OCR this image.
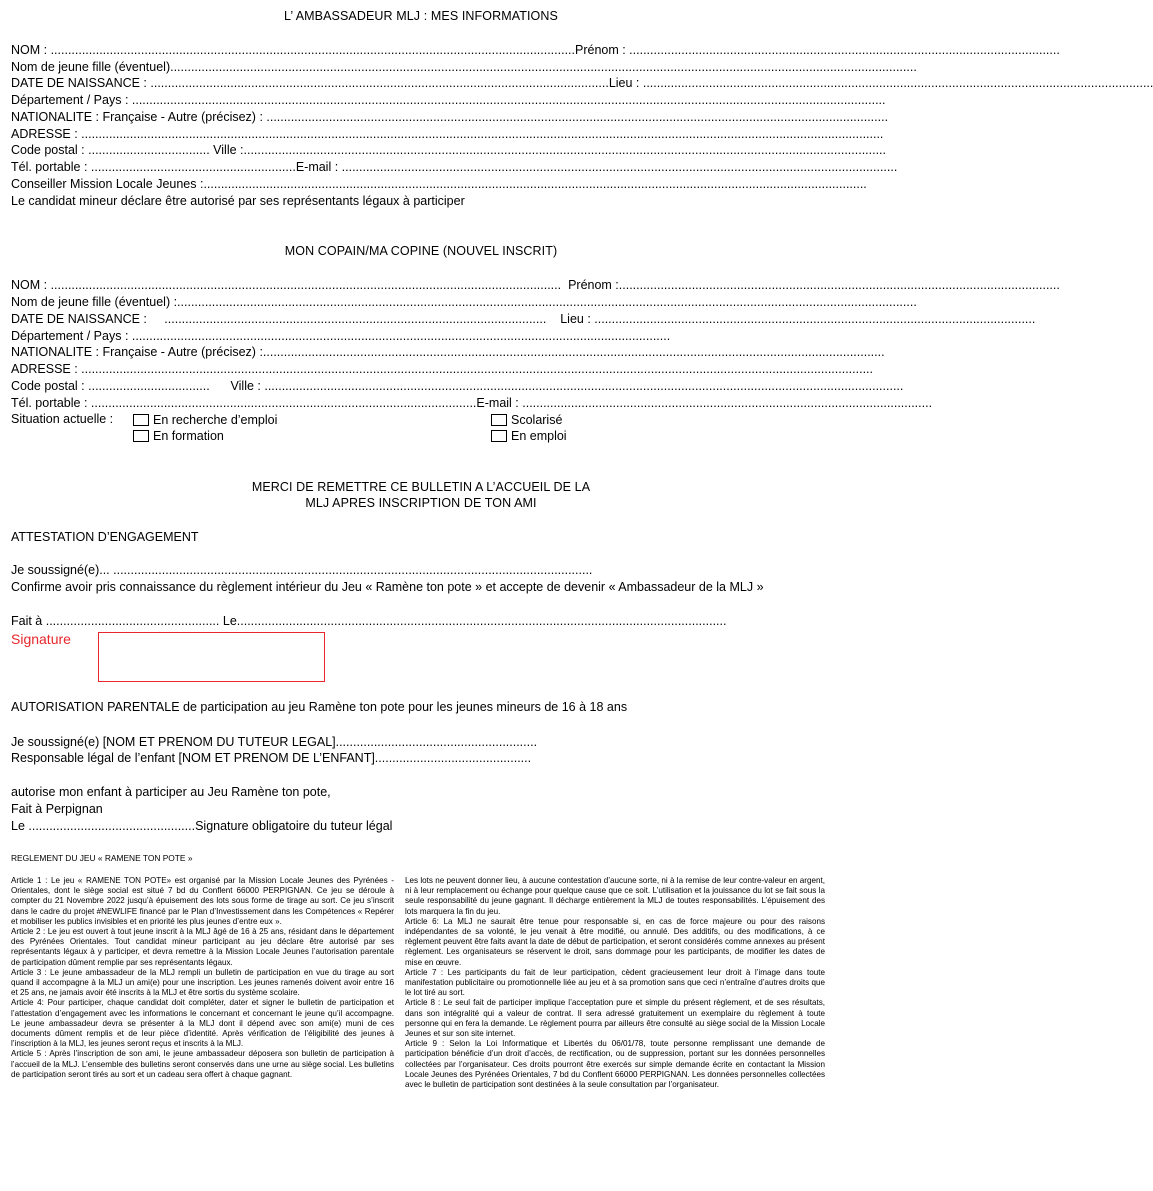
L’ AMBASSADEUR MLJ : MES INFORMATIONS
NOM : .......................................................................................................................................................Prénom : ............................................................................................................................
Nom de jeune fille (éventuel).......................................................................................................................................................................................................................
DATE DE NAISSANCE : ....................................................................................................................................Lieu : ...................................................................................................................................................
Département / Pays : .........................................................................................................................................................................................................................
NATIONALITE : Française - Autre (précisez) : ...................................................................................................................................................................................
ADRESSE : .......................................................................................................................................................................................................................................
Code postal : ................................... Ville :.........................................................................................................................................................................................
Tél. portable : ...........................................................E-mail : ................................................................................................................................................................
Conseiller Mission Locale Jeunes :...............................................................................................................................................................................................
Le candidat mineur déclare être autorisé par ses représentants légaux à participer
MON COPAIN/MA COPINE (NOUVEL INSCRIT)
NOM : ................................................................................................................................................... Prénom :...............................................................................................................................
Nom de jeune fille (éventuel) :.....................................................................................................................................................................................................................
DATE DE NAISSANCE : .............................................................................................................. Lieu : ...............................................................................................................................
Département / Pays : ...........................................................................................................................................................
NATIONALITE : Française - Autre (précisez) :...................................................................................................................................................................................
ADRESSE : ....................................................................................................................................................................................................................................
Code postal : ................................... Ville : ........................................................................................................................................................................................
Tél. portable : ...............................................................................................................E-mail : ......................................................................................................................
Situation actuelle :	En recherche d’emploi
En formation
Scolarisé
En emploi
MERCI DE REMETTRE CE BULLETIN A L’ACCUEIL DE LA
MLJ APRES INSCRIPTION DE TON AMI
ATTESTATION D’ENGAGEMENT
Je soussigné(e)... ..........................................................................................................................................
Confirme avoir pris connaissance du règlement intérieur du Jeu « Ramène ton pote » et accepte de devenir « Ambassadeur de la MLJ »
Fait à .................................................. Le.............................................................................................................................................
Signature
AUTORISATION PARENTALE de participation au jeu Ramène ton pote pour les jeunes mineurs de 16 à 18 ans
Je soussigné(e) [NOM ET PRENOM DU TUTEUR LEGAL]..........................................................
Responsable légal de l’enfant [NOM ET PRENOM DE L’ENFANT].............................................
autorise mon enfant à participer au Jeu Ramène ton pote,
Fait à Perpignan
Le ................................................Signature obligatoire du tuteur légal
REGLEMENT DU JEU « RAMENE TON POTE »

Article 1 : Le jeu « RAMENE TON POTE» est organisé par la Mission Locale Jeunes des Pyrénées -Orientales, dont le siège social est situé 7 bd du Conflent 66000 PERPIGNAN. Ce jeu se déroule à compter du 21 Novembre 2022 jusqu’à épuisement des lots sous forme de tirage au sort. Ce jeu s’inscrit dans le cadre du projet #NEWLIFE financé par le Plan d’Investissement dans les Compétences « Repérer et mobiliser les publics invisibles et en priorité les plus jeunes d’entre eux ».

Article 2 : Le jeu est ouvert à tout jeune inscrit à la MLJ âgé de 16 à 25 ans, résidant dans le département des Pyrénées Orientales. Tout candidat mineur participant au jeu déclare être autorisé par ses représentants légaux à y participer, et devra remettre à la Mission Locale Jeunes l’autorisation parentale de participation dûment remplie par ses représentants légaux.

Article 3 : Le jeune ambassadeur de la MLJ rempli un bulletin de participation en vue du tirage au sort quand il accompagne à la MLJ un ami(e) pour une inscription. Les jeunes ramenés doivent avoir entre 16 et 25 ans, ne jamais avoir été inscrits à la MLJ et être sortis du système scolaire.

Article 4: Pour participer, chaque candidat doit compléter, dater et signer le bulletin de participation et l’attestation d’engagement avec les informations le concernant et concernant le jeune qu’il accompagne. Le jeune ambassadeur devra se présenter à la MLJ dont il dépend avec son ami(e) muni de ces documents dûment remplis et de leur pièce d’identité. Après vérification de l’éligibilité des jeunes à l’inscription à la MLJ, les jeunes seront reçus et inscrits à la MLJ.

Article 5 : Après l’inscription de son ami, le jeune ambassadeur déposera son bulletin de participation à l’accueil de la MLJ. L’ensemble des bulletins seront conservés dans une urne au siège social. Les bulletins de participation seront tirés au sort et un cadeau sera offert à chaque gagnant.

Les lots ne peuvent donner lieu, à aucune contestation d’aucune sorte, ni à la remise de leur contre-valeur en argent, ni à leur remplacement ou échange pour quelque cause que ce soit. L’utilisation et la jouissance du lot se fait sous la seule responsabilité du jeune gagnant. Il décharge entièrement la MLJ de toutes responsabilités. L’épuisement des lots marquera la fin du jeu.

Article 6: La MLJ ne saurait être tenue pour responsable si, en cas de force majeure ou pour des raisons indépendantes de sa volonté, le jeu venait à être modifié, ou annulé. Des additifs, ou des modifications, à ce règlement peuvent être faits avant la date de début de participation, et seront considérés comme annexes au présent règlement. Les organisateurs se réservent le droit, sans dommage pour les participants, de modifier les dates de mise en œuvre.

Article 7 : Les participants du fait de leur participation, cèdent gracieusement leur droit à l’image dans toute manifestation publicitaire ou promotionnelle liée au jeu et à sa promotion sans que ceci n’entraîne d’autres droits que le lot tiré au sort.

Article 8 : Le seul fait de participer implique l’acceptation pure et simple du présent règlement, et de ses résultats, dans son intégralité qui a valeur de contrat. Il sera adressé gratuitement un exemplaire du règlement à toute personne qui en fera la demande. Le règlement pourra par ailleurs être consulté au siège social de la Mission Locale Jeunes et sur son site internet.

Article 9 : Selon la Loi Informatique et Libertés du 06/01/78, toute personne remplissant une demande de participation bénéficie d’un droit d’accès, de rectification, ou de suppression, portant sur les données personnelles collectées par l’organisateur. Ces droits pourront être exercés sur simple demande écrite en contactant la Mission Locale Jeunes des Pyrénées Orientales, 7 bd du Conflent 66000 PERPIGNAN. Les données personnelles collectées avec le bulletin de participation sont destinées à la seule consultation par l’organisateur.
